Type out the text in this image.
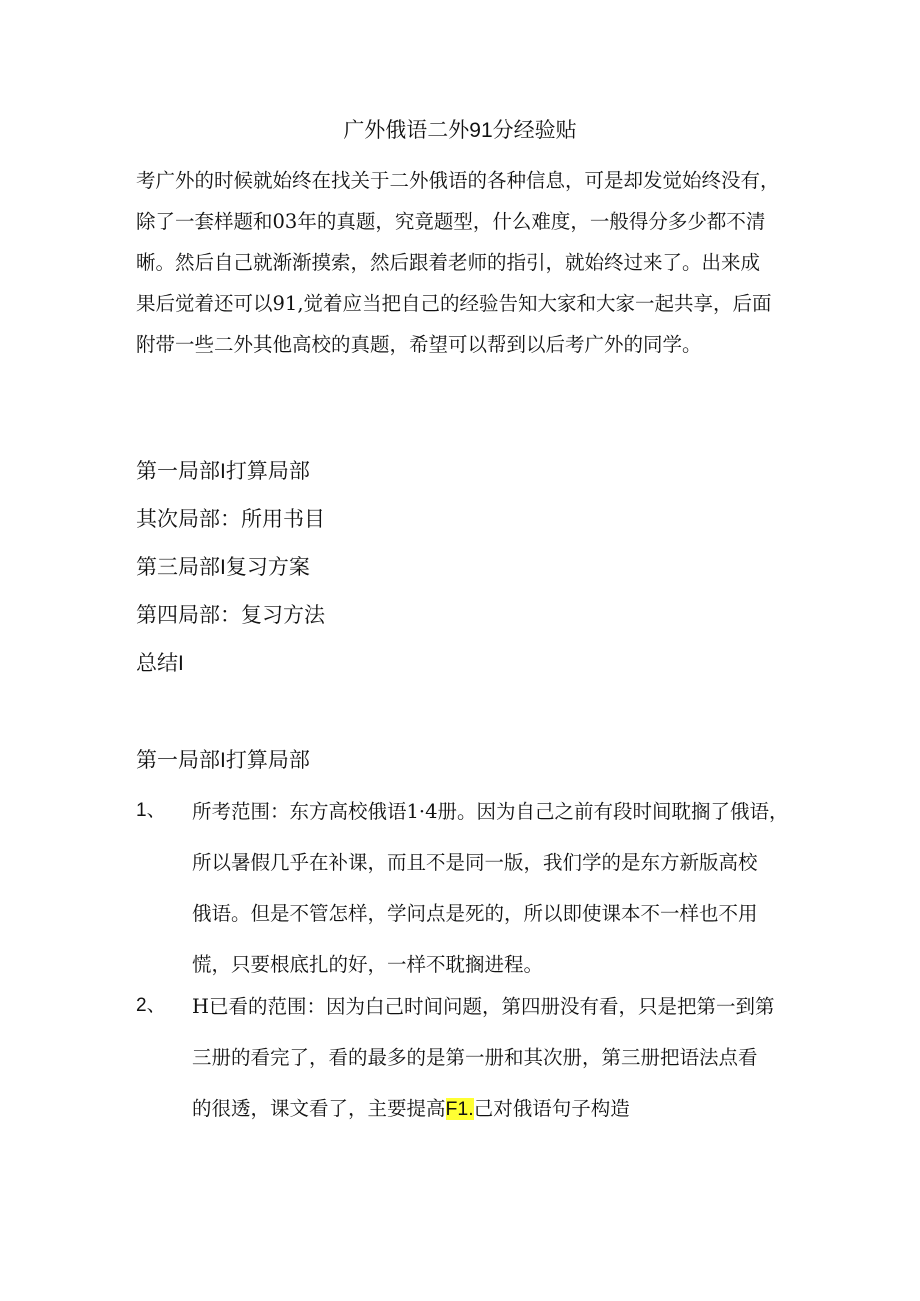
广外俄语二外91分经验贴

考广外的时候就始终在找关于二外俄语的各种信息，可是却发觉始终没有，

除了一套样题和03年的真题，究竟题型，什么难度，一般得分多少都不清

晰。然后自己就渐渐摸索，然后跟着老师的指引，就始终过来了。出来成

果后觉着还可以91,觉着应当把自己的经验告知大家和大家一起共享，后面

附带一些二外其他高校的真题，希望可以帮到以后考广外的同学。

第一局部I打算局部
其次局部：所用书目
第三局部I复习方案
第四局部：复习方法
总结I
第一局部I打算局部
1、 所考范围：东方高校俄语1·4册。因为自己之前有段时间耽搁了俄语，
所以暑假几乎在补课，而且不是同一版，我们学的是东方新版高校
俄语。但是不管怎样，学问点是死的，所以即使课本不一样也不用
慌，只要根底扎的好，一样不耽搁进程。
2、 H已看的范围：因为白己时间问题，第四册没有看，只是把第一到第
三册的看完了，看的最多的是第一册和其次册，第三册把语法点看
的很透，课文看了，主要提高F1.己对俄语句子构造
